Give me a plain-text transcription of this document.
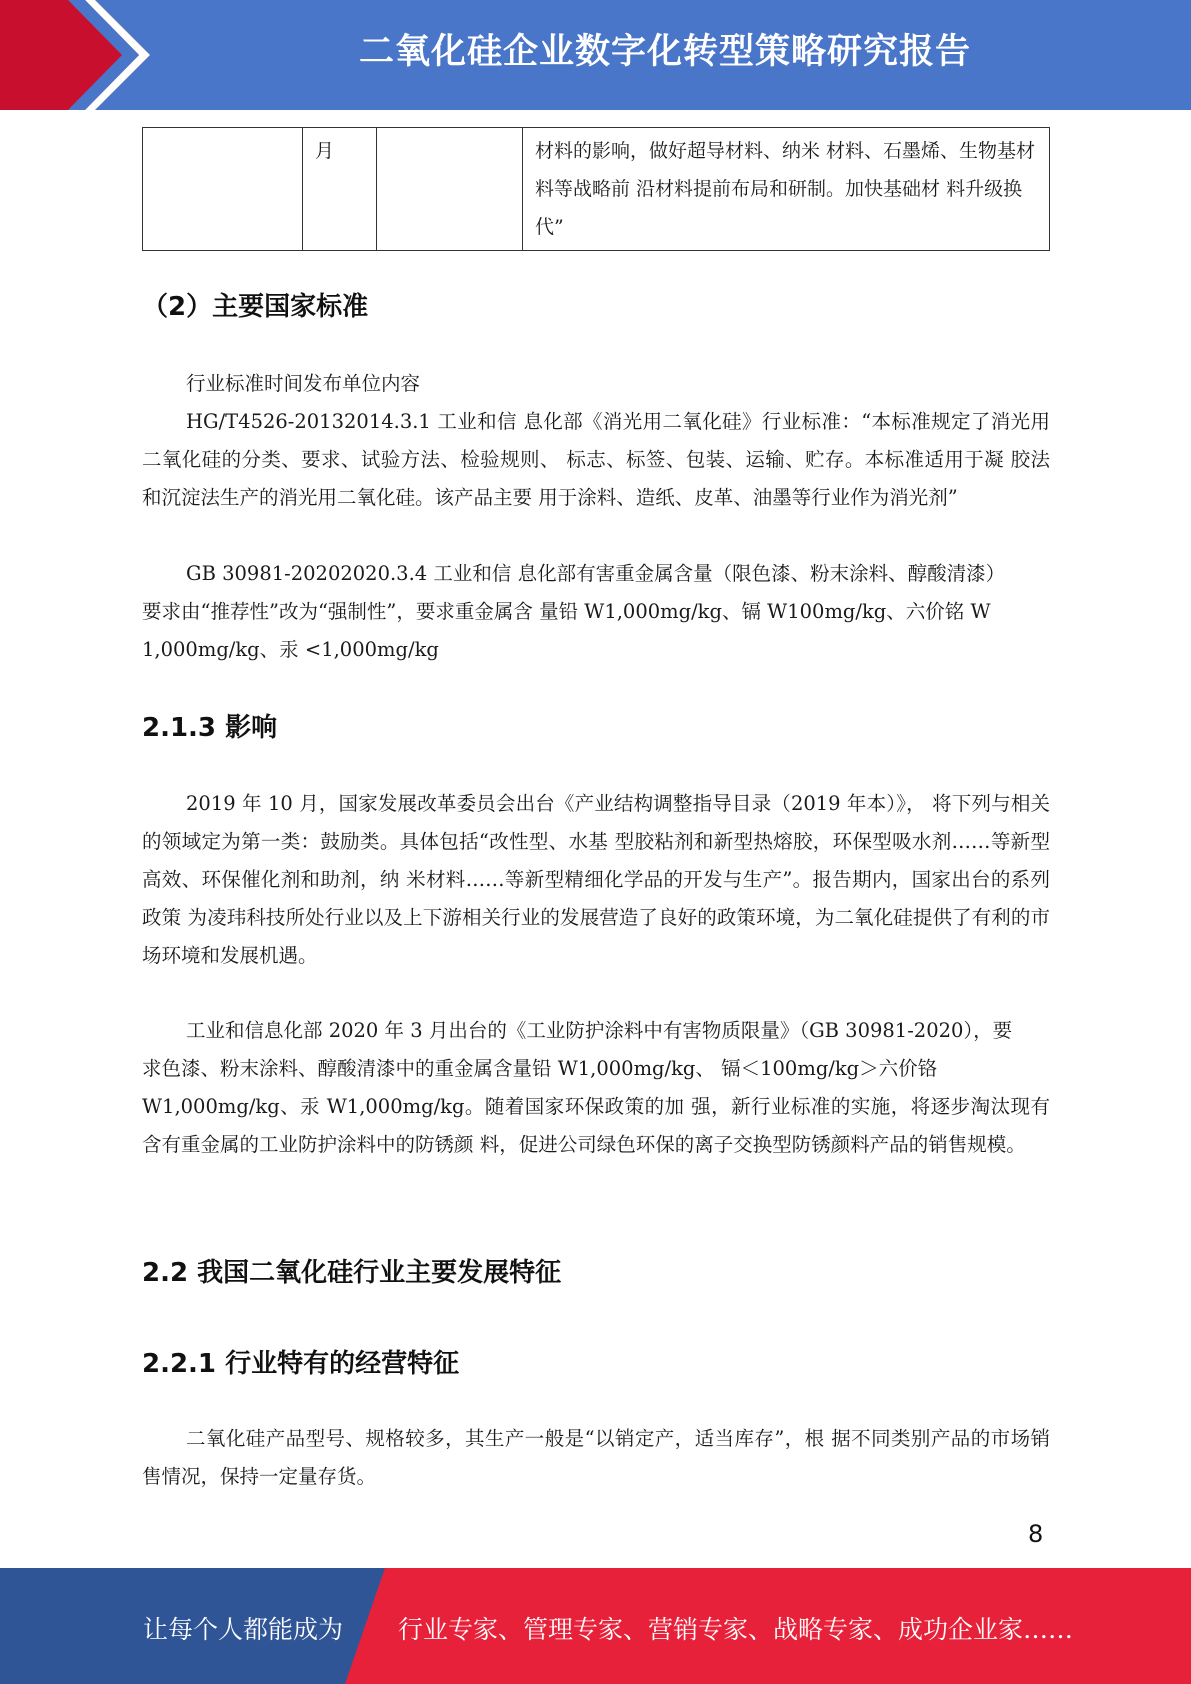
二氧化硅企业数字化转型策略研究报告
	月		材料的影响，做好超导材料、纳米 材料、石墨烯、生物基材料等战略前 沿材料提前布局和研制。加快基础材 料升级换代”
（2）主要国家标准
行业标准时间发布单位内容
HG/T4526-20132014.3.1 工业和信 息化部《消光用二氧化硅》行业标准：“本标准规定了消光用二氧化硅的分类、要求、试验方法、检验规则、 标志、标签、包装、运输、贮存。本标准适用于凝 胶法和沉淀法生产的消光用二氧化硅。该产品主要 用于涂料、造纸、皮革、油墨等行业作为消光剂”
GB 30981-20202020.3.4 工业和信 息化部有害重金属含量（限色漆、粉末涂料、醇酸清漆）
要求由“推荐性”改为“强制性”，要求重金属含 量铅 W1,000mg/kg、镉 W100mg/kg、六价铭 W
1,000mg/kg、汞 <1,000mg/kg
2.1.3 影响
2019 年 10 月，国家发展改革委员会出台《产业结构调整指导目录（2019 年本）》， 将下列与相关的领域定为第一类：鼓励类。具体包括“改性型、水基 型胶粘剂和新型热熔胶，环保型吸水剂……等新型高效、环保催化剂和助剂，纳 米材料……等新型精细化学品的开发与生产”。报告期内，国家出台的系列政策 为凌玮科技所处行业以及上下游相关行业的发展营造了良好的政策环境，为二氧化硅提供了有利的市场环境和发展机遇。
工业和信息化部 2020 年 3 月出台的《工业防护涂料中有害物质限量》（GB 30981-2020），要
求色漆、粉末涂料、醇酸清漆中的重金属含量铅 W1,000mg/kg、 镉＜100mg/kg＞六价铬
W1,000mg/kg、汞 W1,000mg/kg。随着国家环保政策的加 强，新行业标准的实施，将逐步淘汰现有含有重金属的工业防护涂料中的防锈颜 料，促进公司绿色环保的离子交换型防锈颜料产品的销售规模。
2.2 我国二氧化硅行业主要发展特征
2.2.1 行业特有的经营特征
二氧化硅产品型号、规格较多，其生产一般是“以销定产，适当库存”，根 据不同类别产品的市场销售情况，保持一定量存货。
8
让每个人都能成为 行业专家、管理专家、营销专家、战略专家、成功企业家……
